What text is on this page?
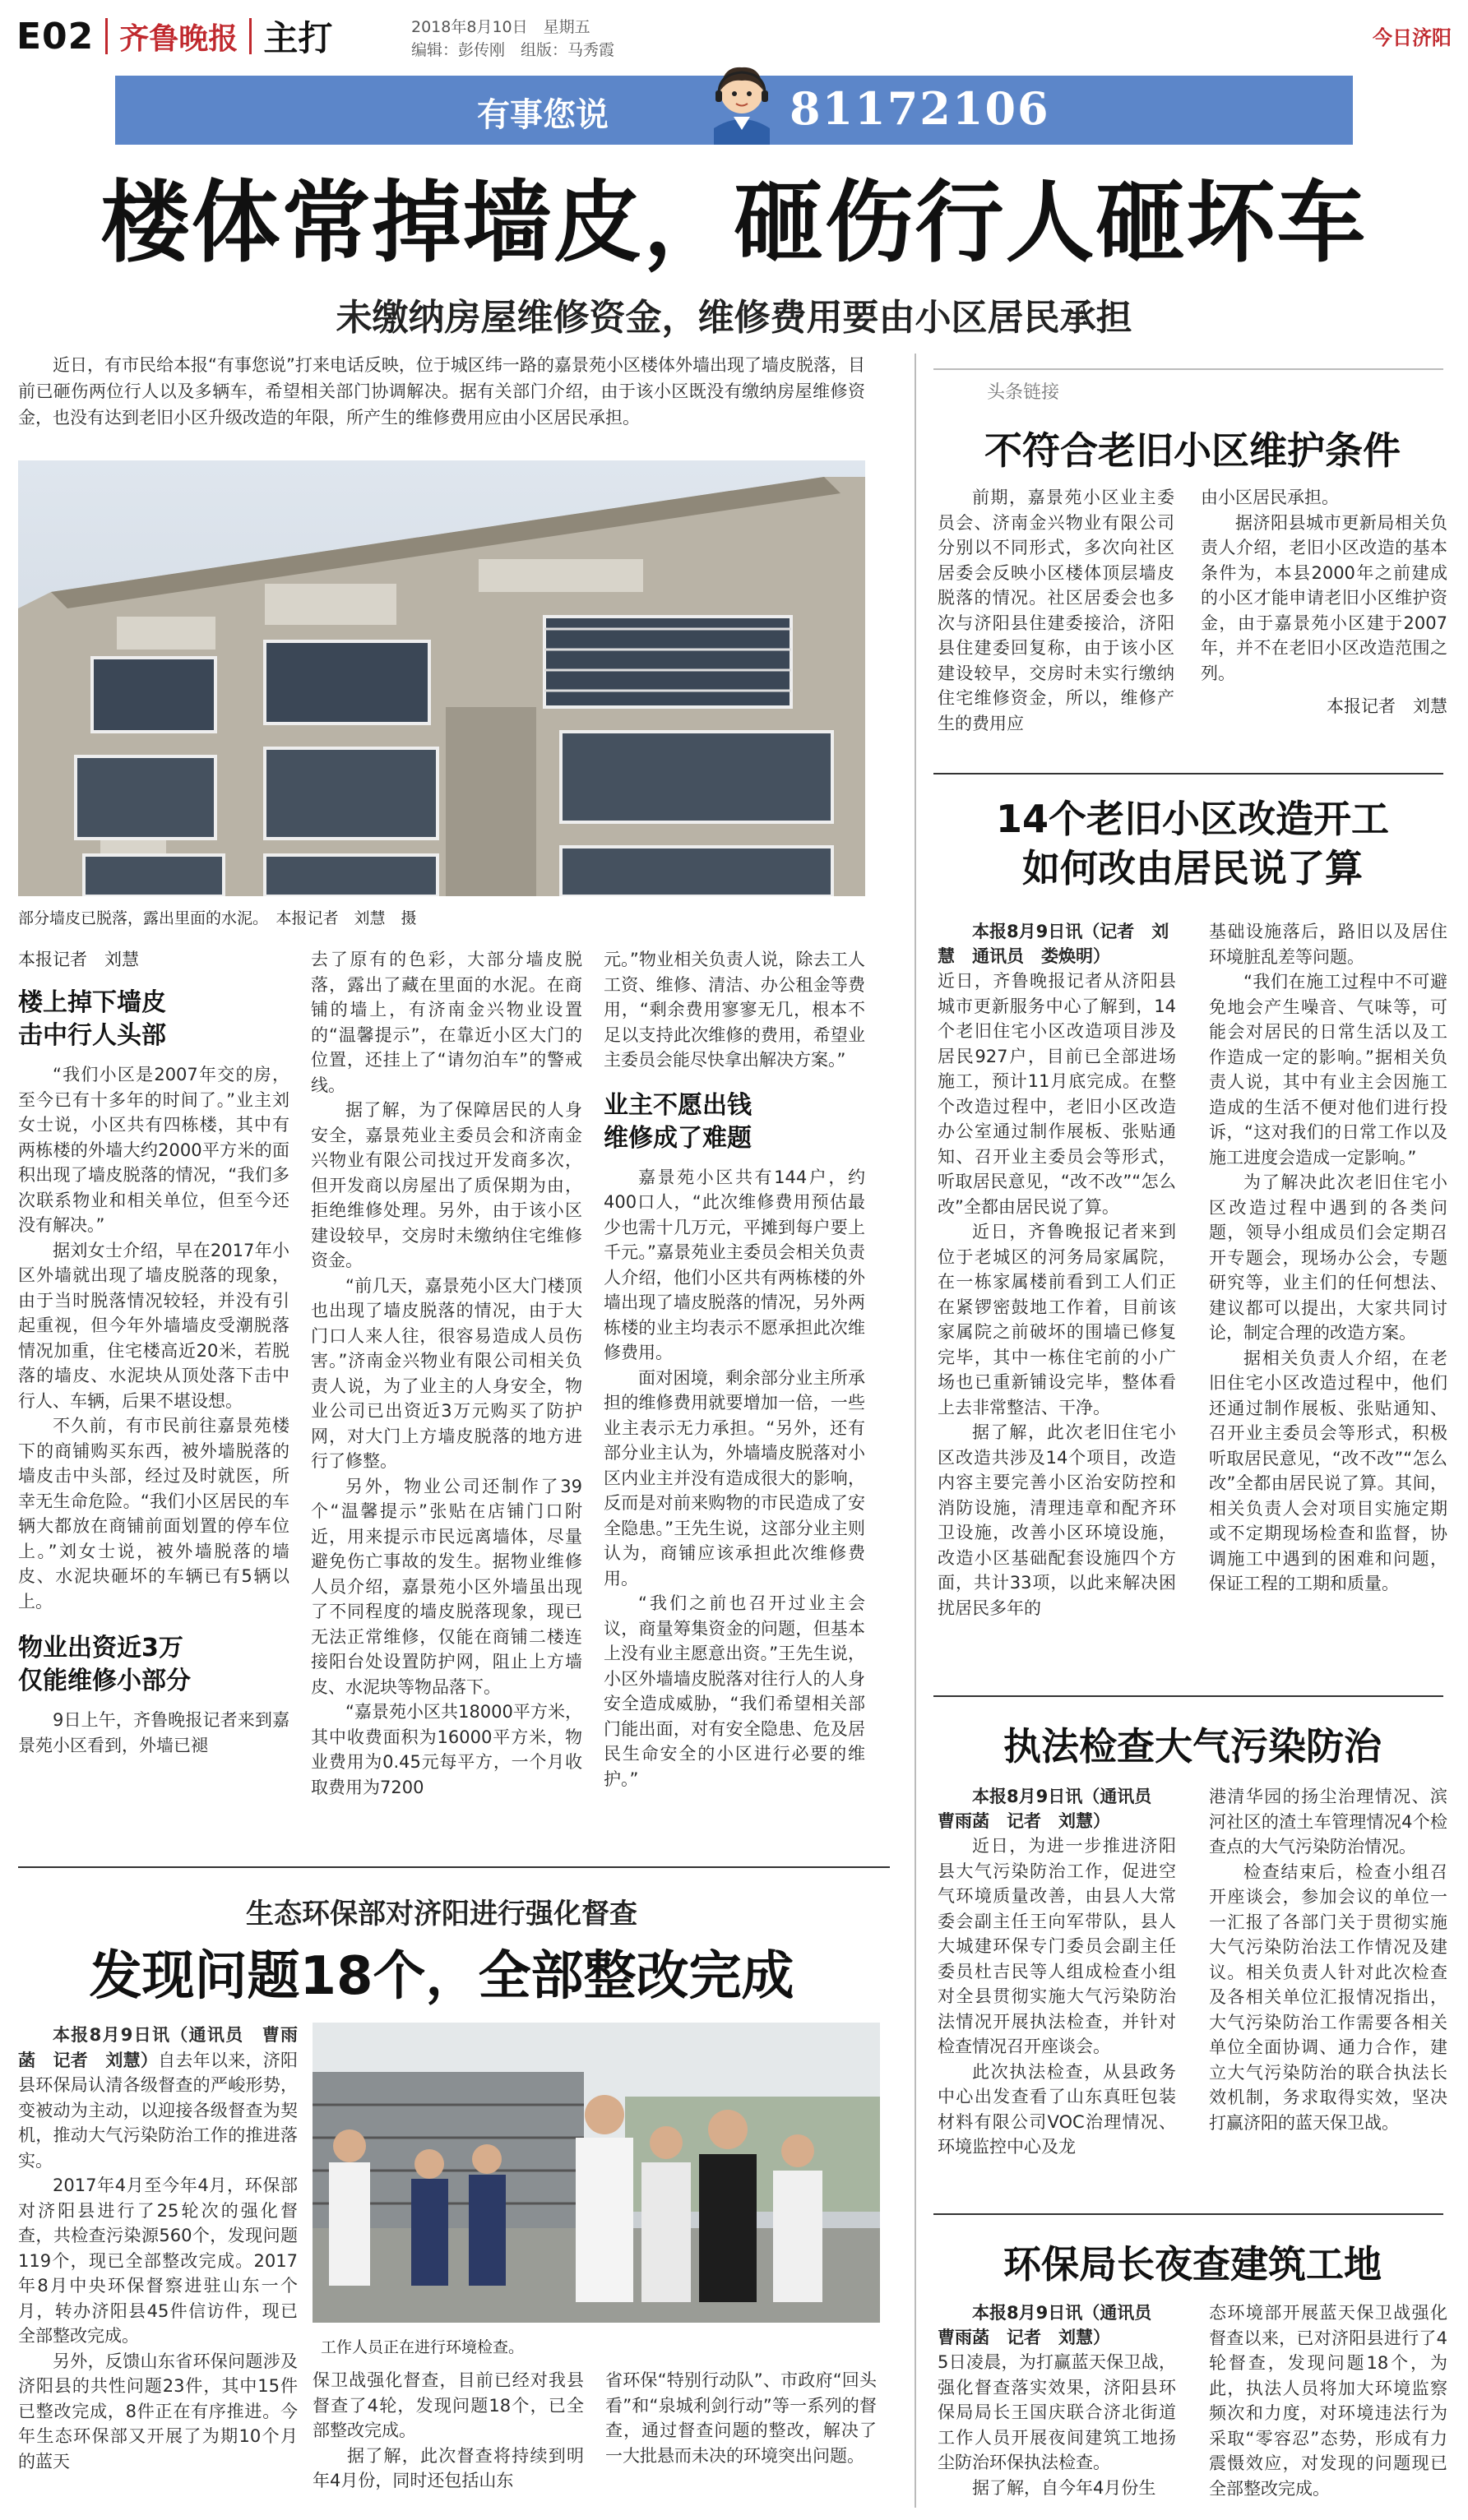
E02 齐鲁晚报 主打	2018年8月10日　星期五
编辑：彭传刚　组版：马秀霞
今日济阳
有事您说	81172106
楼体常掉墙皮，砸伤行人砸坏车
未缴纳房屋维修资金，维修费用要由小区居民承担
近日，有市民给本报“有事您说”打来电话反映，位于城区纬一路的嘉景苑小区楼体外墙出现了墙皮脱落，目前已砸伤两位行人以及多辆车，希望相关部门协调解决。据有关部门介绍，由于该小区既没有缴纳房屋维修资金，也没有达到老旧小区升级改造的年限，所产生的维修费用应由小区居民承担。
部分墙皮已脱落，露出里面的水泥。　本报记者　刘慧　摄
本报记者　刘慧
楼上掉下墙皮
击中行人头部
“我们小区是2007年交的房，至今已有十多年的时间了。”业主刘女士说，小区共有四栋楼，其中有两栋楼的外墙大约2000平方米的面积出现了墙皮脱落的情况，“我们多次联系物业和相关单位，但至今还没有解决。”
据刘女士介绍，早在2017年小区外墙就出现了墙皮脱落的现象，由于当时脱落情况较轻，并没有引起重视，但今年外墙墙皮受潮脱落情况加重，住宅楼高近20米，若脱落的墙皮、水泥块从顶处落下击中行人、车辆，后果不堪设想。
不久前，有市民前往嘉景苑楼下的商铺购买东西，被外墙脱落的墙皮击中头部，经过及时就医，所幸无生命危险。“我们小区居民的车辆大都放在商铺前面划置的停车位上。”刘女士说，被外墙脱落的墙皮、水泥块砸坏的车辆已有5辆以上。
物业出资近3万
仅能维修小部分
9日上午，齐鲁晚报记者来到嘉景苑小区看到，外墙已褪
去了原有的色彩，大部分墙皮脱落，露出了藏在里面的水泥。在商铺的墙上，有济南金兴物业设置的“温馨提示”，在靠近小区大门的位置，还挂上了“请勿泊车”的警戒线。
据了解，为了保障居民的人身安全，嘉景苑业主委员会和济南金兴物业有限公司找过开发商多次，但开发商以房屋出了质保期为由，拒绝维修处理。另外，由于该小区建设较早，交房时未缴纳住宅维修资金。
“前几天，嘉景苑小区大门楼顶也出现了墙皮脱落的情况，由于大门口人来人往，很容易造成人员伤害。”济南金兴物业有限公司相关负责人说，为了业主的人身安全，物业公司已出资近3万元购买了防护网，对大门上方墙皮脱落的地方进行了修整。
另外，物业公司还制作了39个“温馨提示”张贴在店铺门口附近，用来提示市民远离墙体，尽量避免伤亡事故的发生。据物业维修人员介绍，嘉景苑小区外墙虽出现了不同程度的墙皮脱落现象，现已无法正常维修，仅能在商铺二楼连接阳台处设置防护网，阻止上方墙皮、水泥块等物品落下。
“嘉景苑小区共18000平方米，其中收费面积为16000平方米，物业费用为0.45元每平方，一个月收取费用为7200
元。”物业相关负责人说，除去工人工资、维修、清洁、办公租金等费用，“剩余费用寥寥无几，根本不足以支持此次维修的费用，希望业主委员会能尽快拿出解决方案。”
业主不愿出钱
维修成了难题
嘉景苑小区共有144户，约400口人，“此次维修费用预估最少也需十几万元，平摊到每户要上千元。”嘉景苑业主委员会相关负责人介绍，他们小区共有两栋楼的外墙出现了墙皮脱落的情况，另外两栋楼的业主均表示不愿承担此次维修费用。
面对困境，剩余部分业主所承担的维修费用就要增加一倍，一些业主表示无力承担。“另外，还有部分业主认为，外墙墙皮脱落对小区内业主并没有造成很大的影响，反而是对前来购物的市民造成了安全隐患。”王先生说，这部分业主则认为，商铺应该承担此次维修费用。
“我们之前也召开过业主会议，商量筹集资金的问题，但基本上没有业主愿意出资。”王先生说，小区外墙墙皮脱落对往行人的人身安全造成威胁，“我们希望相关部门能出面，对有安全隐患、危及居民生命安全的小区进行必要的维护。”
头条链接
不符合老旧小区维护条件
前期，嘉景苑小区业主委员会、济南金兴物业有限公司分别以不同形式，多次向社区居委会反映小区楼体顶层墙皮脱落的情况。社区居委会也多次与济阳县住建委接洽，济阳县住建委回复称，由于该小区建设较早，交房时未实行缴纳住宅维修资金，所以，维修产生的费用应
由小区居民承担。
据济阳县城市更新局相关负责人介绍，老旧小区改造的基本条件为，本县2000年之前建成的小区才能申请老旧小区维护资金，由于嘉景苑小区建于2007年，并不在老旧小区改造范围之列。
本报记者　刘慧
14个老旧小区改造开工
如何改由居民说了算
本报8月9日讯（记者　刘慧　通讯员　娄焕明）
近日，齐鲁晚报记者从济阳县城市更新服务中心了解到，14个老旧住宅小区改造项目涉及居民927户，目前已全部进场施工，预计11月底完成。在整个改造过程中，老旧小区改造办公室通过制作展板、张贴通知、召开业主委员会等形式，听取居民意见，“改不改”“怎么改”全都由居民说了算。
近日，齐鲁晚报记者来到位于老城区的河务局家属院，在一栋家属楼前看到工人们正在紧锣密鼓地工作着，目前该家属院之前破坏的围墙已修复完毕，其中一栋住宅前的小广场也已重新铺设完毕，整体看上去非常整洁、干净。
据了解，此次老旧住宅小区改造共涉及14个项目，改造内容主要完善小区治安防控和消防设施，清理违章和配齐环卫设施，改善小区环境设施，改造小区基础配套设施四个方面，共计33项，以此来解决困扰居民多年的
基础设施落后，路旧以及居住环境脏乱差等问题。
“我们在施工过程中不可避免地会产生噪音、气味等，可能会对居民的日常生活以及工作造成一定的影响。”据相关负责人说，其中有业主会因施工造成的生活不便对他们进行投诉，“这对我们的日常工作以及施工进度会造成一定影响。”
为了解决此次老旧住宅小区改造过程中遇到的各类问题，领导小组成员们会定期召开专题会，现场办公会，专题研究等，业主们的任何想法、建议都可以提出，大家共同讨论，制定合理的改造方案。
据相关负责人介绍，在老旧住宅小区改造过程中，他们还通过制作展板、张贴通知、召开业主委员会等形式，积极听取居民意见，“改不改”“怎么改”全都由居民说了算。其间，相关负责人会对项目实施定期或不定期现场检查和监督，协调施工中遇到的困难和问题，保证工程的工期和质量。
执法检查大气污染防治
本报8月9日讯（通讯员　曹雨菡　记者　刘慧）
近日，为进一步推进济阳县大气污染防治工作，促进空气环境质量改善，由县人大常委会副主任王向军带队，县人大城建环保专门委员会副主任委员杜吉民等人组成检查小组对全县贯彻实施大气污染防治法情况开展执法检查，并针对检查情况召开座谈会。
此次执法检查，从县政务中心出发查看了山东真旺包装材料有限公司VOC治理情况、环境监控中心及龙
港清华园的扬尘治理情况、滨河社区的渣土车管理情况4个检查点的大气污染防治情况。
检查结束后，检查小组召开座谈会，参加会议的单位一一汇报了各部门关于贯彻实施大气污染防治法工作情况及建议。相关负责人针对此次检查及各相关单位汇报情况指出，大气污染防治工作需要各相关单位全面协调、通力合作，建立大气污染防治的联合执法长效机制，务求取得实效，坚决打赢济阳的蓝天保卫战。
环保局长夜查建筑工地
本报8月9日讯（通讯员　曹雨菡　记者　刘慧）
5日凌晨，为打赢蓝天保卫战，强化督查落实效果，济阳县环保局局长王国庆联合济北街道工作人员开展夜间建筑工地扬尘防治环保执法检查。
据了解，自今年4月份生
态环境部开展蓝天保卫战强化督查以来，已对济阳县进行了4轮督查，发现问题18个，为此，执法人员将加大环境监察频次和力度，对环境违法行为采取“零容忍”态势，形成有力震慑效应，对发现的问题现已全部整改完成。
生态环保部对济阳进行强化督查
发现问题18个，全部整改完成
本报8月9日讯（通讯员　曹雨菡　记者　刘慧）自去年以来，济阳县环保局认清各级督查的严峻形势，变被动为主动，以迎接各级督查为契机，推动大气污染防治工作的推进落实。
2017年4月至今年4月，环保部对济阳县进行了25轮次的强化督查，共检查污染源560个，发现问题119个，现已全部整改完成。2017年8月中央环保督察进驻山东一个月，转办济阳县45件信访件，现已全部整改完成。
另外，反馈山东省环保问题涉及济阳县的共性问题23件，其中15件已整改完成，8件正在有序推进。今年生态环保部又开展了为期10个月的蓝天
工作人员正在进行环境检查。
保卫战强化督查，目前已经对我县督查了4轮，发现问题18个，已全部整改完成。
据了解，此次督查将持续到明年4月份，同时还包括山东
省环保“特别行动队”、市政府“回头看”和“泉城利剑行动”等一系列的督查，通过督查问题的整改，解决了一大批悬而未决的环境突出问题。
